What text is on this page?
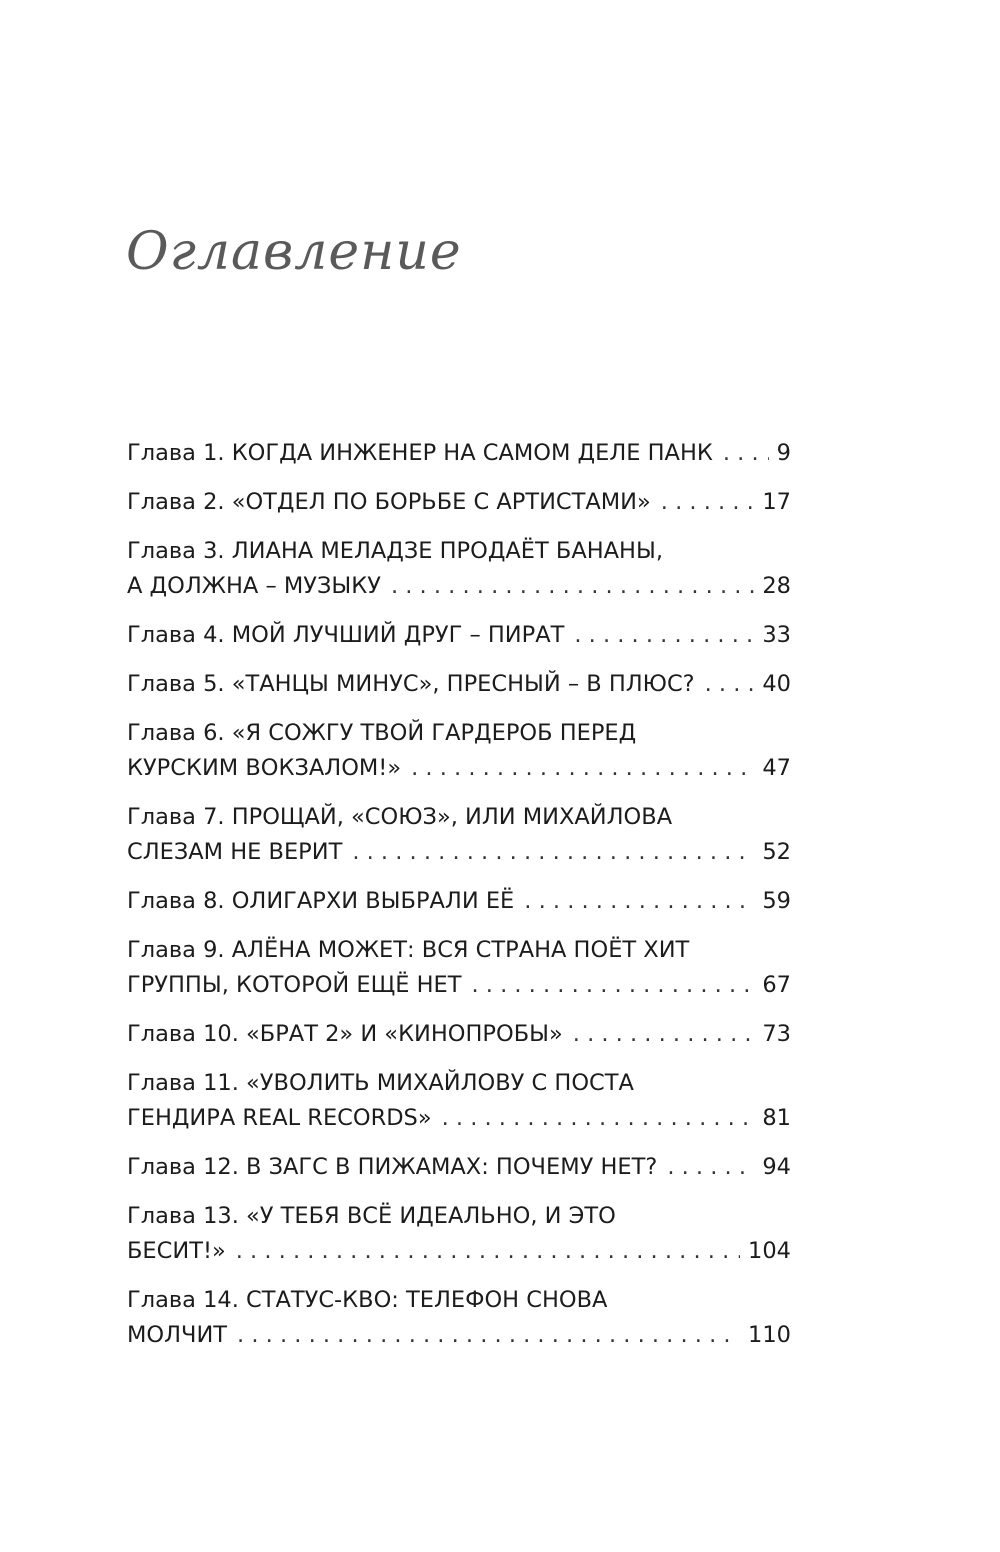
Оглавление
Глава 1. КОГДА ИНЖЕНЕР НА САМОМ ДЕЛЕ ПАНК . . .	9
Глава 2. «ОТДЕЛ ПО БОРЬБЕ С АРТИСТАМИ» . . .	17
Глава 3. ЛИАНА МЕЛАДЗЕ ПРОДАЁТ БАНАНЫ,
А ДОЛЖНА – МУЗЫКУ . . .	28
Глава 4. МОЙ ЛУЧШИЙ ДРУГ – ПИРАТ . . .	33
Глава 5. «ТАНЦЫ МИНУС», ПРЕСНЫЙ – В ПЛЮС? . . .	40
Глава 6. «Я СОЖГУ ТВОЙ ГАРДЕРОБ ПЕРЕД
КУРСКИМ ВОКЗАЛОМ!» . . .	47
Глава 7. ПРОЩАЙ, «СОЮЗ», ИЛИ МИХАЙЛОВА
СЛЕЗАМ НЕ ВЕРИТ . . .	52
Глава 8. ОЛИГАРХИ ВЫБРАЛИ ЕЁ . . .	59
Глава 9. АЛЁНА МОЖЕТ: ВСЯ СТРАНА ПОЁТ ХИТ
ГРУППЫ, КОТОРОЙ ЕЩЁ НЕТ . . .	67
Глава 10. «БРАТ 2» И «КИНОПРОБЫ» . . .	73
Глава 11. «УВОЛИТЬ МИХАЙЛОВУ С ПОСТА
ГЕНДИРА REAL RECORDS» . . .	81
Глава 12. В ЗАГС В ПИЖАМАХ: ПОЧЕМУ НЕТ? . . .	94
Глава 13. «У ТЕБЯ ВСЁ ИДЕАЛЬНО, И ЭТО
БЕСИТ!» . . .	104
Глава 14. СТАТУС-КВО: ТЕЛЕФОН СНОВА
МОЛЧИТ . . .	110
